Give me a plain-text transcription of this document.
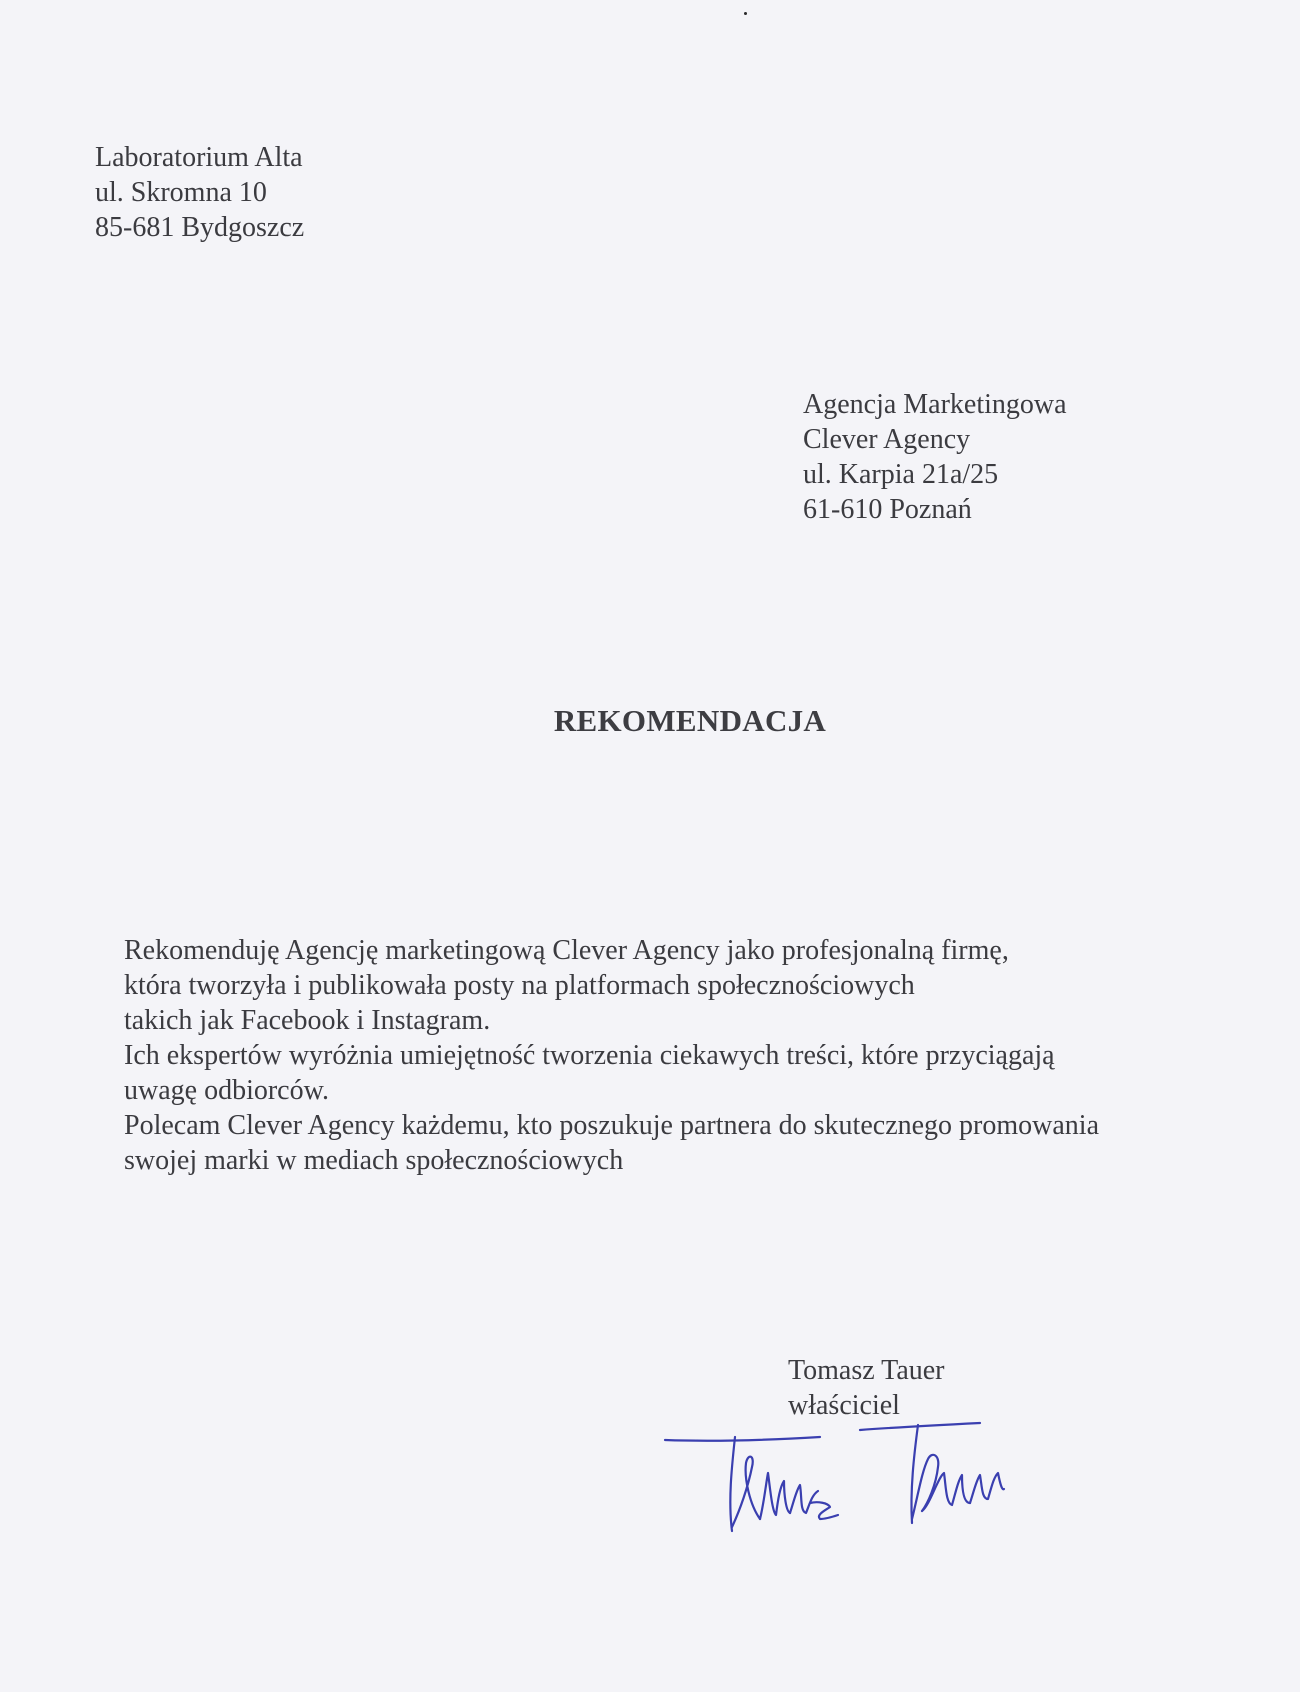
Laboratorium Alta
ul. Skromna 10
85-681 Bydgoszcz
Agencja Marketingowa
Clever Agency
ul. Karpia 21a/25
61-610 Poznań
REKOMENDACJA
Rekomenduję Agencję marketingową Clever Agency jako profesjonalną firmę,
która tworzyła i publikowała posty na platformach społecznościowych
takich jak Facebook i Instagram.
Ich ekspertów wyróżnia umiejętność tworzenia ciekawych treści, które przyciągają
uwagę odbiorców.
Polecam Clever Agency każdemu, kto poszukuje partnera do skutecznego promowania
swojej marki w mediach społecznościowych
Tomasz Tauer
właściciel
